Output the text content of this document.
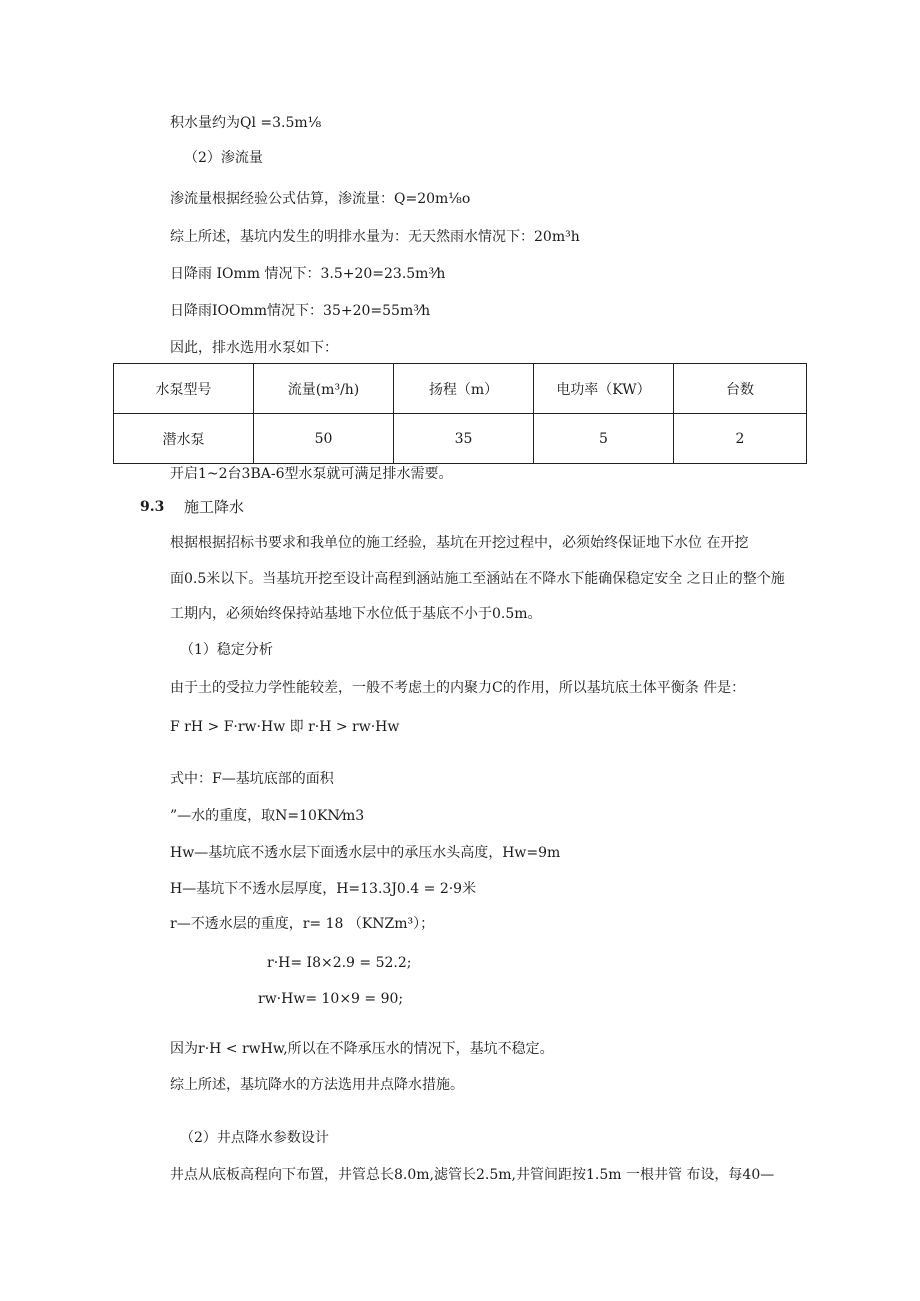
积水量约为Ql =3.5m⅛
（2）渗流量
渗流量根据经验公式估算，渗流量：Q=20m⅛o
综上所述，基坑内发生的明排水量为：无天然雨水情况下：20m³h
日降雨 IOmm 情况下：3.5+20=23.5m³⁄h
日降雨IOOmm情况下：35+20=55m³⁄h
因此，排水选用水泵如下：
水泵型号	流量(m³/h)	扬程（m）	电功率（KW）	台数
潜水泵	50	35	5	2
开启1~2台3BA-6型水泵就可满足排水需要。
9.3 施工降水
根据根据招标书要求和我单位的施工经验，基坑在开挖过程中，必须始终保证地下水位 在开挖
面0.5米以下。当基坑开挖至设计高程到涵站施工至涵站在不降水下能确保稳定安全 之日止的整个施
工期内，必须始终保持站基地下水位低于基底不小于0.5m。
（1）稳定分析
由于土的受拉力学性能较差，一般不考虑土的内聚力C的作用，所以基坑底土体平衡条 件是：
F rH > F·rw·Hw 即 r·H > rw·Hw
式中：F—基坑底部的面积
”—水的重度，取N=10KN⁄m3
Hw—基坑底不透水层下面透水层中的承压水头高度，Hw=9m
H—基坑下不透水层厚度，H=13.3J0.4 = 2·9米
r—不透水层的重度，r= 18 （KNZm³）；
r·H= I8×2.9 = 52.2;
rw·Hw= 10×9 = 90;
因为r·H < rwHw,所以在不降承压水的情况下，基坑不稳定。
综上所述，基坑降水的方法选用井点降水措施。
（2）井点降水参数设计
井点从底板高程向下布置，井管总长8.0m,滤管长2.5m,井管间距按1.5m 一根井管 布设，每40—
